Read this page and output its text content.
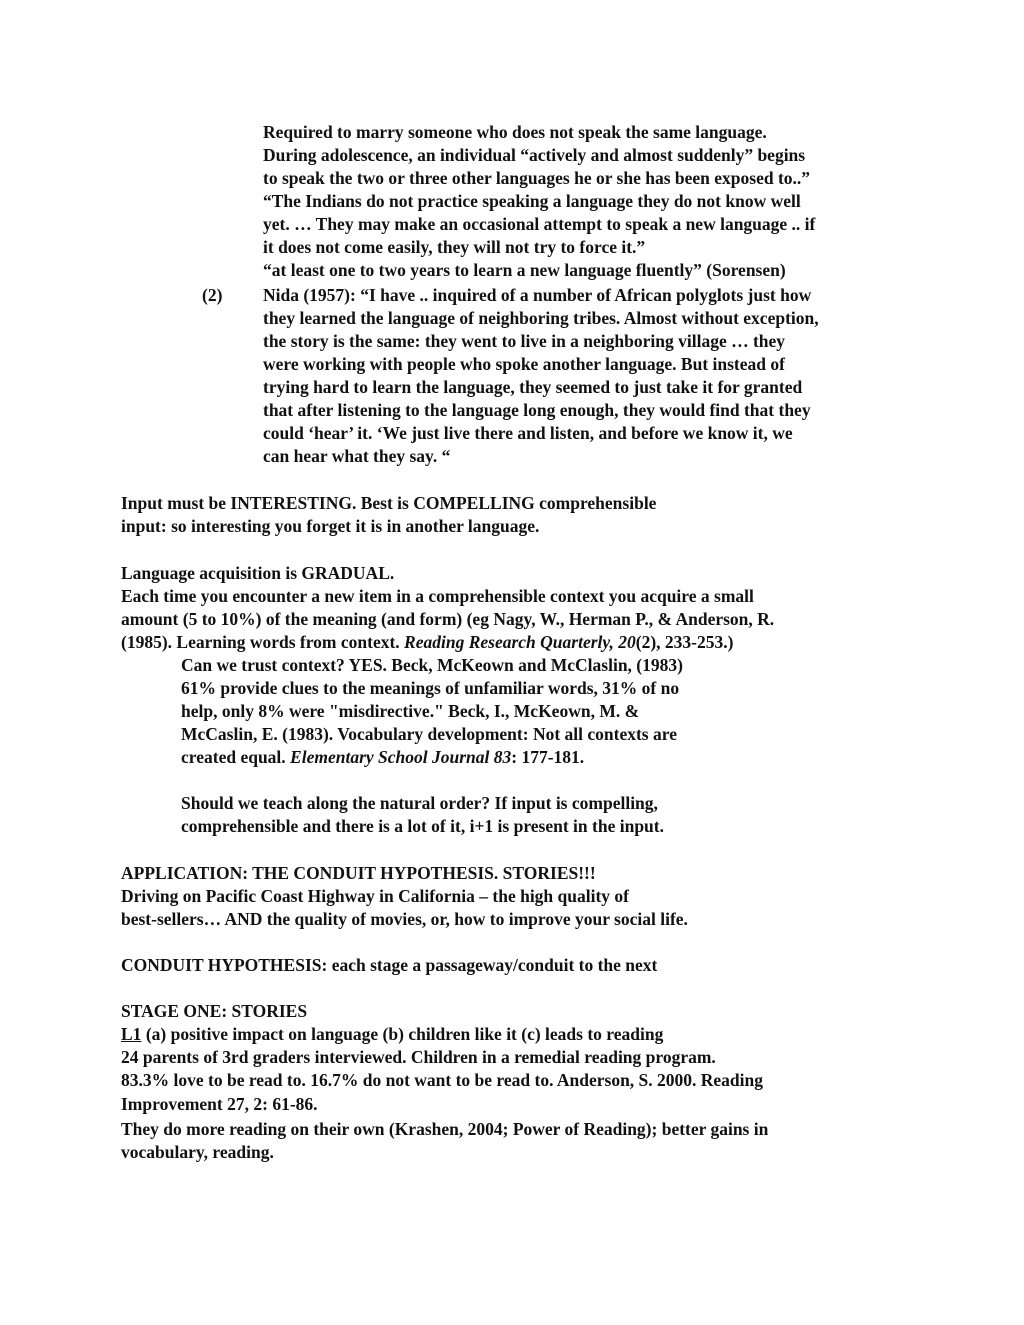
Required to marry someone who does not speak the same language.
During adolescence, an individual “actively and almost suddenly” begins
to speak the two or three other languages he or she has been exposed to..”
“The Indians do not practice speaking a language they do not know well
yet. … They may make an occasional attempt to speak a new language .. if
it does not come easily, they will not try to force it.”
“at least one to two years to learn a new language fluently” (Sorensen)
(2) Nida (1957): “I have .. inquired of a number of African polyglots just how
they learned the language of neighboring tribes. Almost without exception,
the story is the same: they went to live in a neighboring village … they
were working with people who spoke another language. But instead of
trying hard to learn the language, they seemed to just take it for granted
that after listening to the language long enough, they would find that they
could ‘hear’ it. ‘We just live there and listen, and before we know it, we
can hear what they say. “
Input must be INTERESTING. Best is COMPELLING comprehensible
input: so interesting you forget it is in another language.
Language acquisition is GRADUAL.
Each time you encounter a new item in a comprehensible context you acquire a small
amount (5 to 10%) of the meaning (and form) (eg Nagy, W., Herman P., & Anderson, R.
(1985). Learning words from context. Reading Research Quarterly, 20(2), 233-253.)
Can we trust context? YES. Beck, McKeown and McClaslin, (1983)
61% provide clues to the meanings of unfamiliar words, 31% of no
help, only 8% were "misdirective." Beck, I., McKeown, M. &
McCaslin, E. (1983). Vocabulary development: Not all contexts are
created equal. Elementary School Journal 83: 177-181.
Should we teach along the natural order? If input is compelling,
comprehensible and there is a lot of it, i+1 is present in the input.
APPLICATION: THE CONDUIT HYPOTHESIS. STORIES!!!
Driving on Pacific Coast Highway in California – the high quality of
best-sellers… AND the quality of movies, or, how to improve your social life.
CONDUIT HYPOTHESIS: each stage a passageway/conduit to the next
STAGE ONE: STORIES
L1 (a) positive impact on language (b) children like it (c) leads to reading
24 parents of 3rd graders interviewed. Children in a remedial reading program.
83.3% love to be read to. 16.7% do not want to be read to. Anderson, S. 2000. Reading
Improvement 27, 2: 61-86.
They do more reading on their own (Krashen, 2004; Power of Reading); better gains in
vocabulary, reading.
